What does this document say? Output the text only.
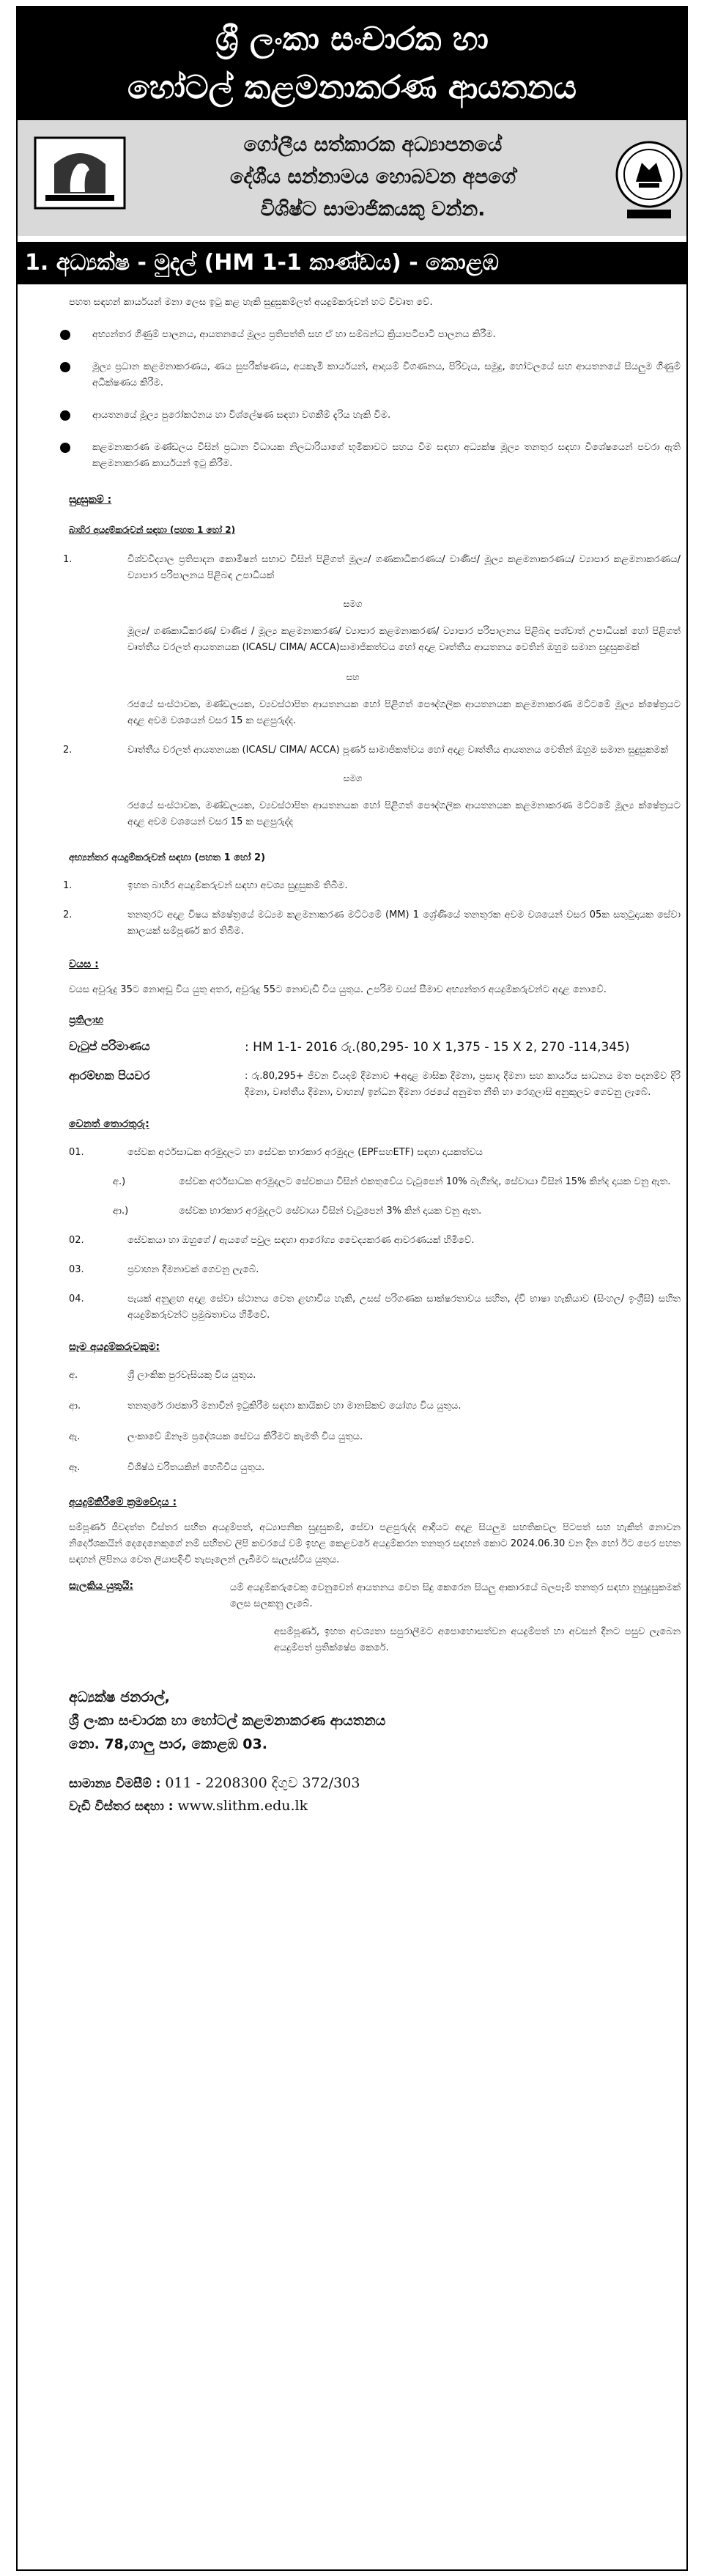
ශ්‍රී ලංකා සංචාරක හා
හෝටල් කළමනාකරණ ආයතනය
ගෝලීය සත්කාරක අධ්‍යාපනයේ
දේශීය සන්නාමය හොබවන අපගේ
විශිෂ්ට සාමාජිකයකු වන්න.
1. අධ්‍යක්ෂ - මුදල් (HM 1-1 කාණ්ඩය) - කොළඹ

පහත සඳහන් කාර්යයන් මනා ලෙස ඉටු කළ හැකි සුදුසුකම්ලත් අයදුම්කරුවන් හට විවෘත වේ.

අභ්‍යන්තර ගිණුම් පාලනය, ආයතනයේ මූල්‍ය ප්‍රතිපත්ති සහ ඒ හා සම්බන්ධ ක්‍රියාපටිපාටි පාලනය කිරීම.

මූල්‍ය ප්‍රධාන කළමනාකරණය, ණය සුපරීක්ෂණය, අයකැමි කාර්යයන්, ආදායම් විගණනය, පිරිවැය, සමුදු, හෝටලයේ සහ ආයතනයේ සියලුම ගිණුම් අධීක්ෂණය කිරීම.

ආයතනයේ මූල්‍ය පුරෝකථනය හා විශ්ලේෂණ සඳහා වගකීම් දැරිය හැකි විම.

කළමනාකරණ මණ්ඩලය විසින් ප්‍රධාන විධායක නිලධාරියාගේ භූමිකාවට සහය විම සඳහා අධ්‍යක්ෂ මූල්‍ය තනතුර සඳහා විශේෂයෙන් පවරා ඇති කළමනාකරණ කාර්යයන් ඉටු කිරීම.

සුදුසුකම් :
බාහිර අයදුම්කරුවන් සඳහා (පහත 1 හෝ 2)
1.	විශ්වවිද්‍යාල ප්‍රතිපාදන කොමිෂන් සභාව විසින් පිළිගත් මූල්‍ය/ ගණකාධිකරණය/ වාණිජ/ මූල්‍ය කළමනාකරණය/ ව්‍යාපාර කළමනාකරණය/ ව්‍යාපාර පරිපාලනය පිළිබඳ උපාධියක්

සමග

මූල්‍ය/ ගණකාධිකරණ/ වාණිජ / මූල්‍ය කළමනාකරණ/ ව්‍යාපාර කළමනාකරණ/ ව්‍යාපාර පරිපාලනය පිළිබඳ පශ්චාත් උපාධියක් හෝ පිළිගත් වෘත්තීය වරලත් ආයතනයක (ICASL/ CIMA/ ACCA)සාමාජිකත්වය හෝ අදාළ වෘත්තීය ආයතනය වෙතින් ඔහුම සමාන සුදුසුකමක්

සහ

රජයේ සංස්ථාවක, මණ්ඩලයක, ව්‍යවස්ථාපිත ආයතනයක හෝ පිළිගත් පෞද්ගලික ආයතනයක කළමනාකරණ මට්ටමේ මූල්‍ය ක්ෂේත්‍රයට අදාළ අවම වශයෙන් වසර 15 ක පළපුරුද්ද.

2.	වෘත්තීය වරලත් ආයතනයක (ICASL/ CIMA/ ACCA) පූර්ණ සාමාජිකත්වය හෝ අදාළ වෘත්තීය ආයතනය වෙතින් ඔහුම සමාන සුදුසුකමක්

සමග

රජයේ සංස්ථාවක, මණ්ඩලයක, ව්‍යවස්ථාපිත ආයතනයක හෝ පිළිගත් පෞද්ගලික ආයතනයක කළමනාකරණ මට්ටමේ මූල්‍ය ක්ෂේත්‍රයට අදාළ අවම වශයෙන් වසර 15 ක පළපුරුද්ද

අභ්‍යන්තර අයදුම්කරුවන් සඳහා (පහත 1 හෝ 2)
1.	ඉහත බාහිර අයදුම්කරුවන් සඳහා අවශ්‍ය සුදුසුකම් තිබීම.

2.	තනතුරට අදාළ විෂය ක්ෂේත්‍රයේ මධ්‍යම කළමනාකරණ මට්ටමේ (MM) 1 ශ්‍රේණියේ තනතුරක අවම වශයෙන් වසර 05ක සතුටුදායක සේවා කාලයක් සම්පූර්ණ කර තිබීම.

වයස :

වයස අවුරුදු 35ට නොඅඩු විය යුතු අතර, අවුරුදු 55ට නොවැඩි විය යුතුය. උපරිම වයස් සීමාව අභ්‍යන්තර අයදුම්කරුවන්ට අදාළ නොවේ.

ප්‍රතිලාභ
වැටුප් පරිමාණය	: HM 1-1- 2016 රු.(80,295- 10 X 1,375 - 15 X 2, 270 -114,345)

ආරම්භක පියවර	: රු.80,295+ ජීවන වියදම් දීමනාව +අදාළ මාසික දීමනා, ප්‍රසාද දීමනා සහ කාර්යය සාධනය මත පදනම්ව දිරි දීමනා, වෘත්තීය දීමනා, වාහන/ ඉන්ධන දීමනා රජයේ අනුමත නීති හා රෙගුලාසි අනුකූලව ගෙවනු ලැබේ.

වෙනත් තොරතුරු:
01.	සේවක අර්ථසාධක අරමුදලට හා සේවක භාරකාර අරමුදල (EPFසහETF) සඳහා දායකත්වය

අ.)	සේවක අර්ථසාධක අරමුදලට සේවකයා විසින් එකතුවේය වැටුපෙන් 10% බැගින්ද, සේවායා විසින් 15% කින්ද දායක වනු ඇත.

ආ.)	සේවක භාරකාර අරමුදලට සේවායා විසින් වැටුපෙන් 3% කින් දායක වනු ඇත.

02.	සේවකයා හා ඔහුගේ / ඇයගේ පවුල සඳහා ආරෝග්‍ය වෛද්‍යකරණ ආවරණයක් හිමිවේ.

03.	ප්‍රවාහන දීමනාවක් ගෙවනු ලැබේ.

04.	පැයක් අනුළඟ අදාළ සේවා ස්ථානය වෙත ළඟාවිය හැකි, උසස් පරිගණක සාක්ෂරතාවය සහිත, ද්වි භාෂා හැකියාව (සිංහල/ ඉංග්‍රීසි) සහිත අයදුම්කරුවන්ට ප්‍රමුඛතාවය හිමිවේ.

සෑම අයදුම්කරුවකුම:
අ.	ශ්‍රී ලාංකික පුරවැසියකු විය යුතුය.

ආ.	තනතුරේ රාජකාරි මනාවින් ඉටුකිරීම සඳහා කායිකව හා මානසිකව යෝග්‍ය විය යුතුය.

ඇ.	ලංකාවේ ඕනෑම ප්‍රදේශයක සේවය කිරීමට කැමති විය යුතුය.

ඈ.	විශිෂ්ඨ චරිතයකින් හෙබිවිය යුතුය.

අයදුම්කිරීමේ ක්‍රමවේදය :

සම්පූර්ණ ජීවදත්ත විස්තර සහිත අයදුම්පත්, අධ්‍යාපනික සුදුසුකම්, සේවා පළපුරුද්ද ආදියට අදාළ සියලුම සහතිකවල පිටපත් සහ හැකිත් නොවන නිර්දේශකයින් දෙදෙනෙකුගේ නම් සහිතව ලිපි කවරයේ වම් ඉහළ කෙළවරේ අයදුම්කරන තනතුර සඳහන් කොට 2024.06.30 වන දින හෝ ඊට පෙර පහත සඳහන් ලිපිනය වෙත ලියාපදිංචි තැපෑලෙන් ලැබීමට සැලැස්විය යුතුය.

සැලකිය යුතුයි:	යම් අයදුම්කරුවෙකු වෙනුවෙන් ආයතනය වෙත සිදු කෙරෙන සියලු ආකාරයේ බලපෑම් තනතුර සඳහා නුසුදුසුකමක් ලෙස සලකනු ලැබේ.

අසම්පූර්ණ, ඉහත අවශ්‍යතා සපුරාලීමට අපොහොසත්වන අයදුම්පත් හා අවසන් දිනට පසුව ලැබෙන අයදුම්පත් ප්‍රතික්ෂේප කෙරේ.

අධ්‍යක්ෂ ජනරාල්,
ශ්‍රී ලංකා සංචාරක හා හෝටල් කළමනාකරණ ආයතනය
නො. 78,ගාලු පාර, කොළඹ 03.
සාමාන්‍ය විමසීම් : 011 - 2208300 දිගුව 372/303
වැඩි විස්තර සඳහා : www.slithm.edu.lk
